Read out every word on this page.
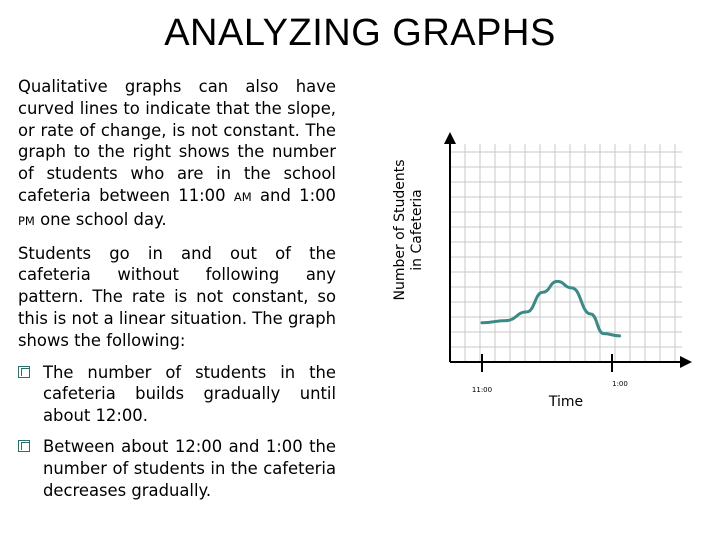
ANALYZING GRAPHS

Qualitative graphs can also have curved lines to indicate that the slope, or rate of change, is not constant. The graph to the right shows the number of students who are in the school cafeteria between 11:00 AM and 1:00 PM one school day.

Students go in and out of the cafeteria without following any pattern. The rate is not constant, so this is not a linear situation. The graph shows the following:

The number of students in the cafeteria builds gradually until about 12:00.
Between about 12:00 and 1:00 the number of students in the cafeteria decreases gradually.
11:00
1:00
Time
Number of Students in Cafeteria
